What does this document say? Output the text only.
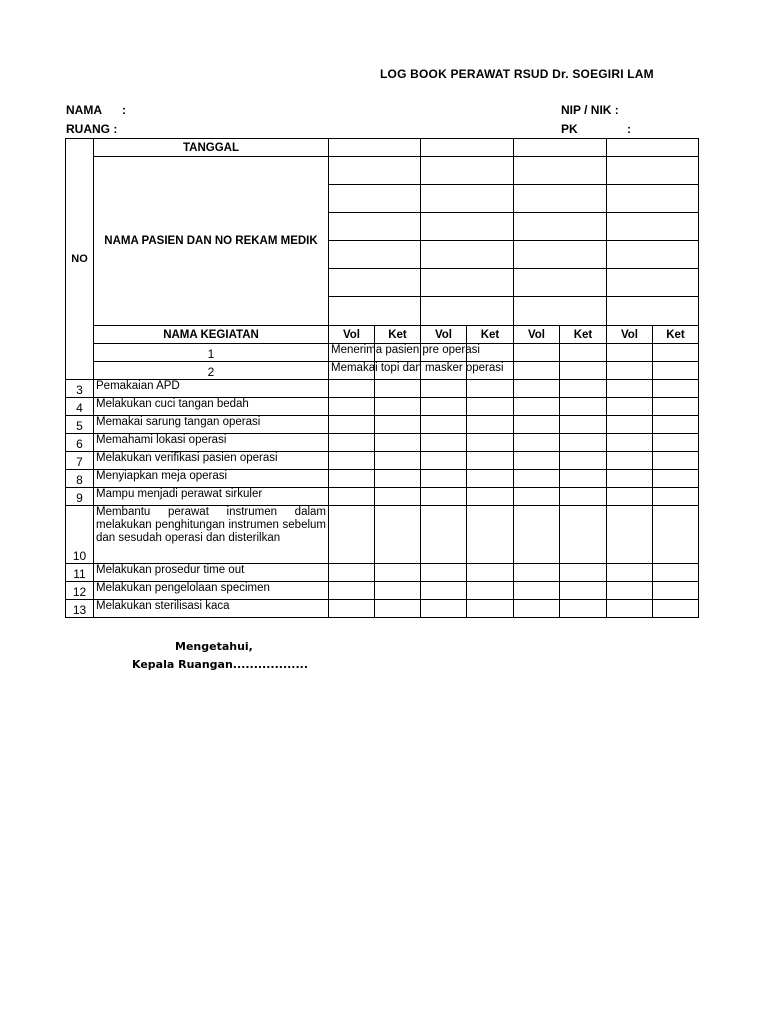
LOG BOOK PERAWAT RSUD Dr. SOEGIRI LAM
NAMA :
RUANG :
NIP / NIK :
PK	:
NO	TANGGAL									
	NAMA PASIEN DAN NO REKAM MEDIK									

	NAMA KEGIATAN	Vol	Ket	Vol	Ket	Vol	Ket	Vol	Ket	
	1	Menerima pasien pre operasi								
	2	Memakai topi dan masker operasi								
3	Pemakaian APD									
4	Melakukan cuci tangan bedah									
5	Memakai sarung tangan operasi									
6	Memahami lokasi operasi									
7	Melakukan verifikasi pasien operasi									
8	Menyiapkan meja operasi									
9	Mampu menjadi perawat sirkuler									
10	Membantu perawat instrumen dalam melakukan penghitungan instrumen sebelum dan sesudah operasi dan disterilkan									
11	Melakukan prosedur time out									
12	Melakukan pengelolaan specimen									
13	Melakukan sterilisasi kaca									
Mengetahui,
Kepala Ruangan..................
